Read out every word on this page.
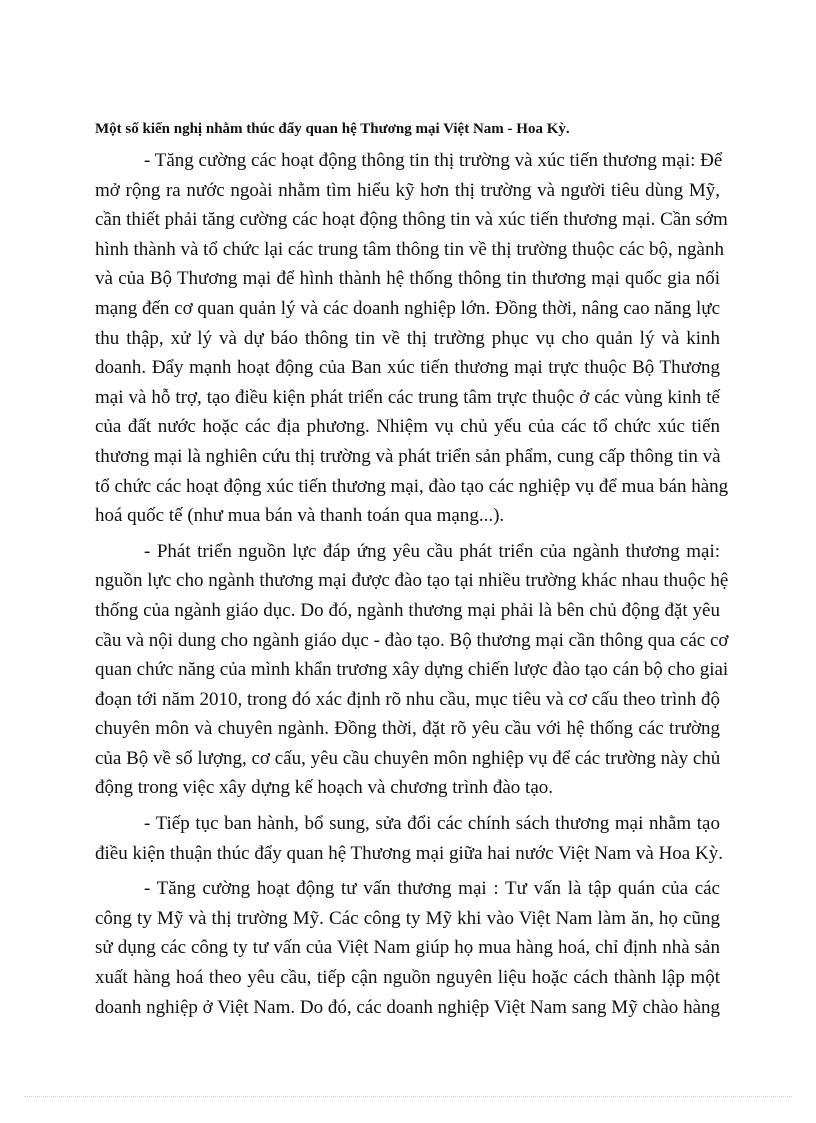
Một số kiến nghị nhằm thúc đẩy quan hệ Thương mại Việt Nam - Hoa Kỳ.
- Tăng cường các hoạt động thông tin thị trường và xúc tiến thương mại: Để
mở rộng ra nước ngoài nhằm tìm hiểu kỹ hơn thị trường và người tiêu dùng Mỹ,
cần thiết phải tăng cường các hoạt động thông tin và xúc tiến thương mại. Cần sớm
hình thành và tổ chức lại các trung tâm thông tin về thị trường thuộc các bộ, ngành
và của Bộ Thương mại để hình thành hệ thống thông tin thương mại quốc gia nối
mạng đến cơ quan quản lý và các doanh nghiệp lớn. Đồng thời, nâng cao năng lực
thu thập, xử lý và dự báo thông tin về thị trường phục vụ cho quản lý và kinh
doanh. Đẩy mạnh hoạt động của Ban xúc tiến thương mại trực thuộc Bộ Thương
mại và hỗ trợ, tạo điều kiện phát triển các trung tâm trực thuộc ở các vùng kinh tế
của đất nước hoặc các địa phương. Nhiệm vụ chủ yếu của các tổ chức xúc tiến
thương mại là nghiên cứu thị trường và phát triển sản phẩm, cung cấp thông tin và
tổ chức các hoạt động xúc tiến thương mại, đào tạo các nghiệp vụ để mua bán hàng
hoá quốc tế (như mua bán và thanh toán qua mạng...).
- Phát triển nguồn lực đáp ứng yêu cầu phát triển của ngành thương mại:
nguồn lực cho ngành thương mại được đào tạo tại nhiều trường khác nhau thuộc hệ
thống của ngành giáo dục. Do đó, ngành thương mại phải là bên chủ động đặt yêu
cầu và nội dung cho ngành giáo dục - đào tạo. Bộ thương mại cần thông qua các cơ
quan chức năng của mình khẩn trương xây dựng chiến lược đào tạo cán bộ cho giai
đoạn tới năm 2010, trong đó xác định rõ nhu cầu, mục tiêu và cơ cấu theo trình độ
chuyên môn và chuyên ngành. Đồng thời, đặt rõ yêu cầu với hệ thống các trường
của Bộ về số lượng, cơ cấu, yêu cầu chuyên môn nghiệp vụ để các trường này chủ
động trong việc xây dựng kế hoạch và chương trình đào tạo.
- Tiếp tục ban hành, bổ sung, sửa đổi các chính sách thương mại nhằm tạo
điều kiện thuận thúc đẩy quan hệ Thương mại giữa hai nước Việt Nam và Hoa Kỳ.
- Tăng cường hoạt động tư vấn thương mại : Tư vấn là tập quán của các
công ty Mỹ và thị trường Mỹ. Các công ty Mỹ khi vào Việt Nam làm ăn, họ cũng
sử dụng các công ty tư vấn của Việt Nam giúp họ mua hàng hoá, chỉ định nhà sản
xuất hàng hoá theo yêu cầu, tiếp cận nguồn nguyên liệu hoặc cách thành lập một
doanh nghiệp ở Việt Nam. Do đó, các doanh nghiệp Việt Nam sang Mỹ chào hàng
